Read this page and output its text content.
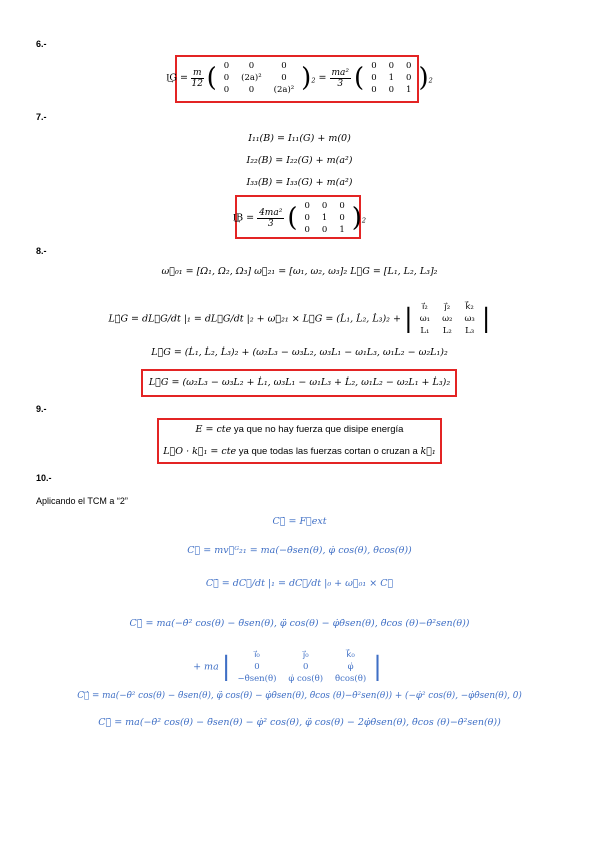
6.-
I͢G = $\frac{m}{12}$ ( 0	0	0
0	(2a)²	0
0	0	(2a)² )$_2 = \frac{\text{ma²}}{3}$ ( 0	0	0
0	1	0
0	0	1 )$_2$
7.-
I₁₁(B) = I₁₁(G) + m(0)
I₂₂(B) = I₂₂(G) + m(a²)
I₃₃(B) = I₃₃(G) + m(a²)
I͢B = $\frac{\text{4ma²}}{3}$ ( 0	0	0
0	1	0
0	0	1 )$_2$
8.-
ω⃗₀₁ = [Ω₁, Ω₂, Ω₃] ω⃗₂₁ = [ω₁, ω₂, ω₃]₂ L⃗G = [L₁, L₂, L₃]₂
L⃗̇G = dL⃗G/dt |₁ = dL⃗G/dt |₂ + ω⃗₂₁ × L⃗G = (L̇₁, L̇₂, L̇₃)₂ + | i⃗₂	j⃗₂	k⃗₂
ω₁	ω₂	ω₃
L₁	L₂	L₃ |
L⃗̇G = (L̇₁, L̇₂, L̇₃)₂ + (ω₂L₃ − ω₃L₂, ω₃L₁ − ω₁L₃, ω₁L₂ − ω₂L₁)₂
L⃗̇G = (ω₂L₃ − ω₃L₂ + L̇₁, ω₃L₁ − ω₁L₃ + L̇₂, ω₁L₂ − ω₂L₁ + L̇₃)₂
9.-
E = cte ya que no hay fuerza que disipe energía
L⃗O · k⃗₁ = cte ya que todas las fuerzas cortan o cruzan a k⃗₁
10.-
Aplicando el TCM a “2”
C⃗̇ = F⃗ext
C⃗ = mv⃗ᴳ₂₁ = ma(−θ̇sen(θ), φ̇ cos(θ), θ̇cos(θ))
C⃗̇ = dC⃗/dt |₁ = dC⃗/dt |₀ + ω⃗₀₁ × C⃗
C⃗̇ = ma(−θ̇² cos(θ) − θ̈sen(θ), φ̈ cos(θ) − φ̇θ̇sen(θ), θ̈cos (θ)−θ̇²sen(θ))
+ ma |	i⃗₀	j⃗₀	k⃗₀
0	0	φ̇
−θ̇sen(θ)	φ̇ cos(θ)	θ̇cos(θ) |
C⃗̇ = ma(−θ̇² cos(θ) − θ̈sen(θ), φ̈ cos(θ) − φ̇θ̇sen(θ), θ̈cos (θ)−θ̇²sen(θ)) + (−φ̇² cos(θ), −φ̇θ̇sen(θ), 0)
C⃗̇ = ma(−θ̇² cos(θ) − θ̈sen(θ) − φ̇² cos(θ), φ̈ cos(θ) − 2φ̇θ̇sen(θ), θ̈cos (θ)−θ̇²sen(θ))
